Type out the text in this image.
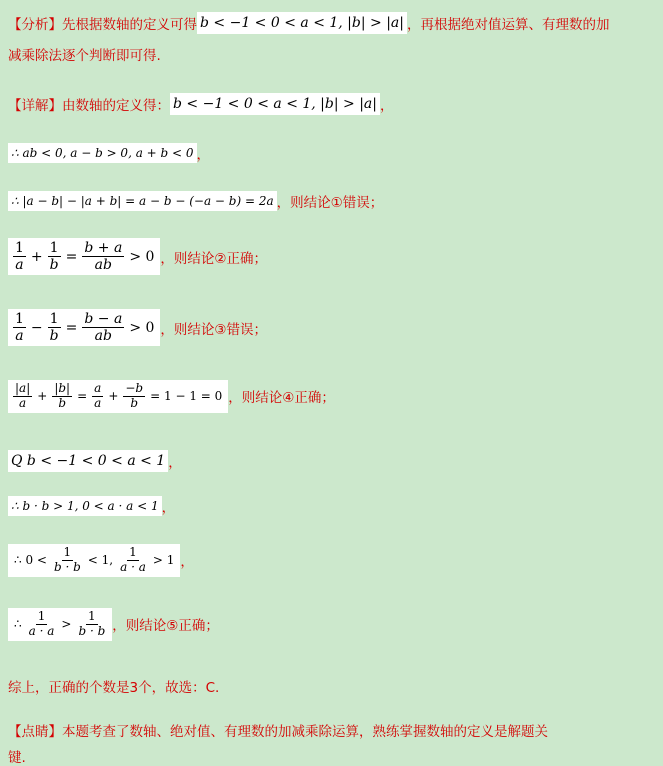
【分析】 先根据数轴的定义可得 b < −1 < 0 < a < 1, |b| > |a| ，再根据绝对值运算、有理数的加
减乘除法逐个判断即可得.
【详解】 由数轴的定义得： b < −1 < 0 < a < 1, |b| > |a| ，
∴ ab < 0, a − b > 0, a + b < 0 ，
∴ |a − b| − |a + b| = a − b − (−a − b) = 2a ，则结论①错误；
$\frac{1}{a} + \frac{1}{b} = \frac{b + a}{ab} > 0$ ，则结论②正确；
$\frac{1}{a} - \frac{1}{b} = \frac{b - a}{ab} > 0$ ，则结论③错误；
$\frac{|a|}{a} + \frac{|b|}{b} = \frac{a}{a} + \frac{-b}{b} = 1 - 1 = 0$ ，则结论④正确；
Q b < −1 < 0 < a < 1 ，
∴ b · b > 1, 0 < a · a < 1 ，
∴ $0 < \frac{1}{b \cdot b} < 1$, $\frac{1}{a \cdot a} > 1$ ，
∴ $\frac{1}{a \cdot a} > \frac{1}{b \cdot b}$ ，则结论⑤正确；
综上，正确的个数是3个，故选：C.
【点睛】 本题考查了数轴、绝对值、有理数的加减乘除运算，熟练掌握数轴的定义是解题关
键.
